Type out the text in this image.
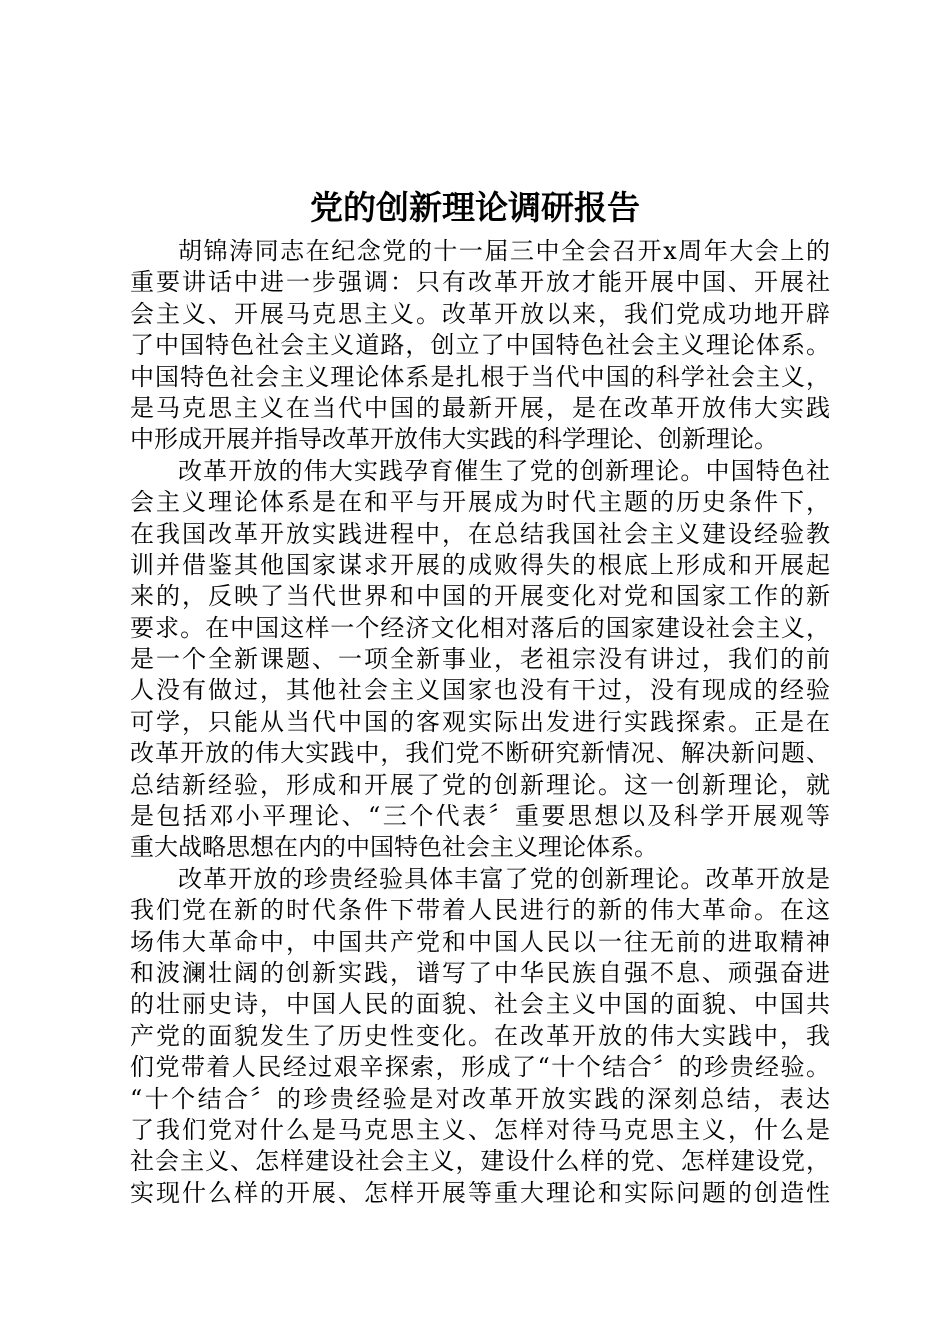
党的创新理论调研报告
胡锦涛同志在纪念党的十一届三中全会召开x周年大会上的
重要讲话中进一步强调：只有改革开放才能开展中国、开展社
会主义、开展马克思主义。改革开放以来，我们党成功地开辟
了中国特色社会主义道路，创立了中国特色社会主义理论体系。
中国特色社会主义理论体系是扎根于当代中国的科学社会主义，
是马克思主义在当代中国的最新开展，是在改革开放伟大实践
中形成开展并指导改革开放伟大实践的科学理论、创新理论。
改革开放的伟大实践孕育催生了党的创新理论。中国特色社
会主义理论体系是在和平与开展成为时代主题的历史条件下，
在我国改革开放实践进程中，在总结我国社会主义建设经验教
训并借鉴其他国家谋求开展的成败得失的根底上形成和开展起
来的，反映了当代世界和中国的开展变化对党和国家工作的新
要求。在中国这样一个经济文化相对落后的国家建设社会主义，
是一个全新课题、一项全新事业，老祖宗没有讲过，我们的前
人没有做过，其他社会主义国家也没有干过，没有现成的经验
可学，只能从当代中国的客观实际出发进行实践探索。正是在
改革开放的伟大实践中，我们党不断研究新情况、解决新问题、
总结新经验，形成和开展了党的创新理论。这一创新理论，就
是包括邓小平理论、“三个代表〞重要思想以及科学开展观等
重大战略思想在内的中国特色社会主义理论体系。
改革开放的珍贵经验具体丰富了党的创新理论。改革开放是
我们党在新的时代条件下带着人民进行的新的伟大革命。在这
场伟大革命中，中国共产党和中国人民以一往无前的进取精神
和波澜壮阔的创新实践，谱写了中华民族自强不息、顽强奋进
的壮丽史诗，中国人民的面貌、社会主义中国的面貌、中国共
产党的面貌发生了历史性变化。在改革开放的伟大实践中，我
们党带着人民经过艰辛探索，形成了“十个结合〞的珍贵经验。
“十个结合〞的珍贵经验是对改革开放实践的深刻总结，表达
了我们党对什么是马克思主义、怎样对待马克思主义，什么是
社会主义、怎样建设社会主义，建设什么样的党、怎样建设党，
实现什么样的开展、怎样开展等重大理论和实际问题的创造性
